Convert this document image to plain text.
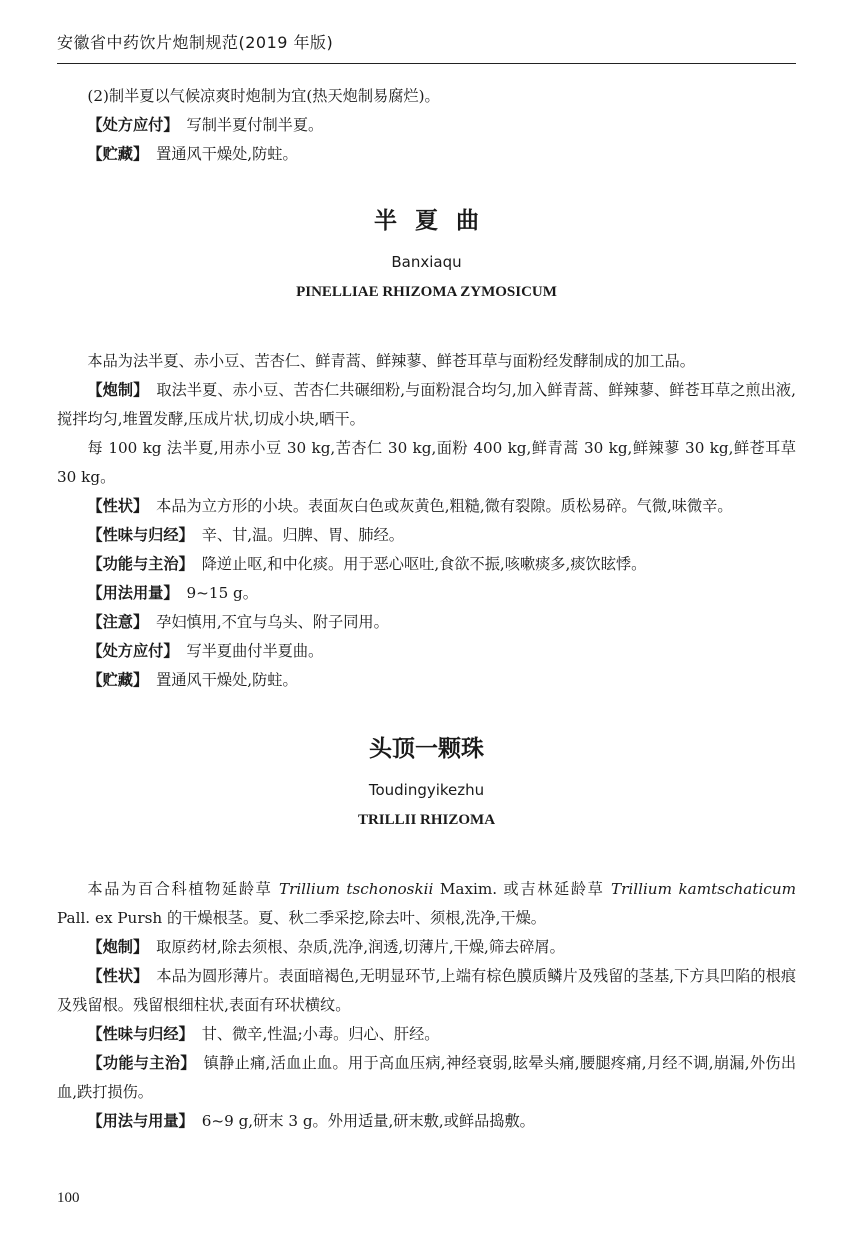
安徽省中药饮片炮制规范(2019 年版)

(2)制半夏以气候凉爽时炮制为宜(热天炮制易腐烂)。

【处方应付】 写制半夏付制半夏。

【贮藏】 置通风干燥处,防蛀。

半夏曲

Banxiaqu

PINELLIAE RHIZOMA ZYMOSICUM

本品为法半夏、赤小豆、苦杏仁、鲜青蒿、鲜辣蓼、鲜苍耳草与面粉经发酵制成的加工品。

【炮制】 取法半夏、赤小豆、苦杏仁共碾细粉,与面粉混合均匀,加入鲜青蒿、鲜辣蓼、鲜苍耳草之煎出液,搅拌均匀,堆置发酵,压成片状,切成小块,晒干。

每 100 kg 法半夏,用赤小豆 30 kg,苦杏仁 30 kg,面粉 400 kg,鲜青蒿 30 kg,鲜辣蓼 30 kg,鲜苍耳草 30 kg。

【性状】 本品为立方形的小块。表面灰白色或灰黄色,粗糙,微有裂隙。质松易碎。气微,味微辛。

【性味与归经】 辛、甘,温。归脾、胃、肺经。

【功能与主治】 降逆止呕,和中化痰。用于恶心呕吐,食欲不振,咳嗽痰多,痰饮眩悸。

【用法用量】 9~15 g。

【注意】 孕妇慎用,不宜与乌头、附子同用。

【处方应付】 写半夏曲付半夏曲。

【贮藏】 置通风干燥处,防蛀。

头顶一颗珠

Toudingyikezhu

TRILLII RHIZOMA

本品为百合科植物延龄草 Trillium tschonoskii Maxim. 或吉林延龄草 Trillium kamtschaticum Pall. ex Pursh 的干燥根茎。夏、秋二季采挖,除去叶、须根,洗净,干燥。

【炮制】 取原药材,除去须根、杂质,洗净,润透,切薄片,干燥,筛去碎屑。

【性状】 本品为圆形薄片。表面暗褐色,无明显环节,上端有棕色膜质鳞片及残留的茎基,下方具凹陷的根痕及残留根。残留根细柱状,表面有环状横纹。

【性味与归经】 甘、微辛,性温;小毒。归心、肝经。

【功能与主治】 镇静止痛,活血止血。用于高血压病,神经衰弱,眩晕头痛,腰腿疼痛,月经不调,崩漏,外伤出血,跌打损伤。

【用法与用量】 6~9 g,研末 3 g。外用适量,研末敷,或鲜品捣敷。

100
